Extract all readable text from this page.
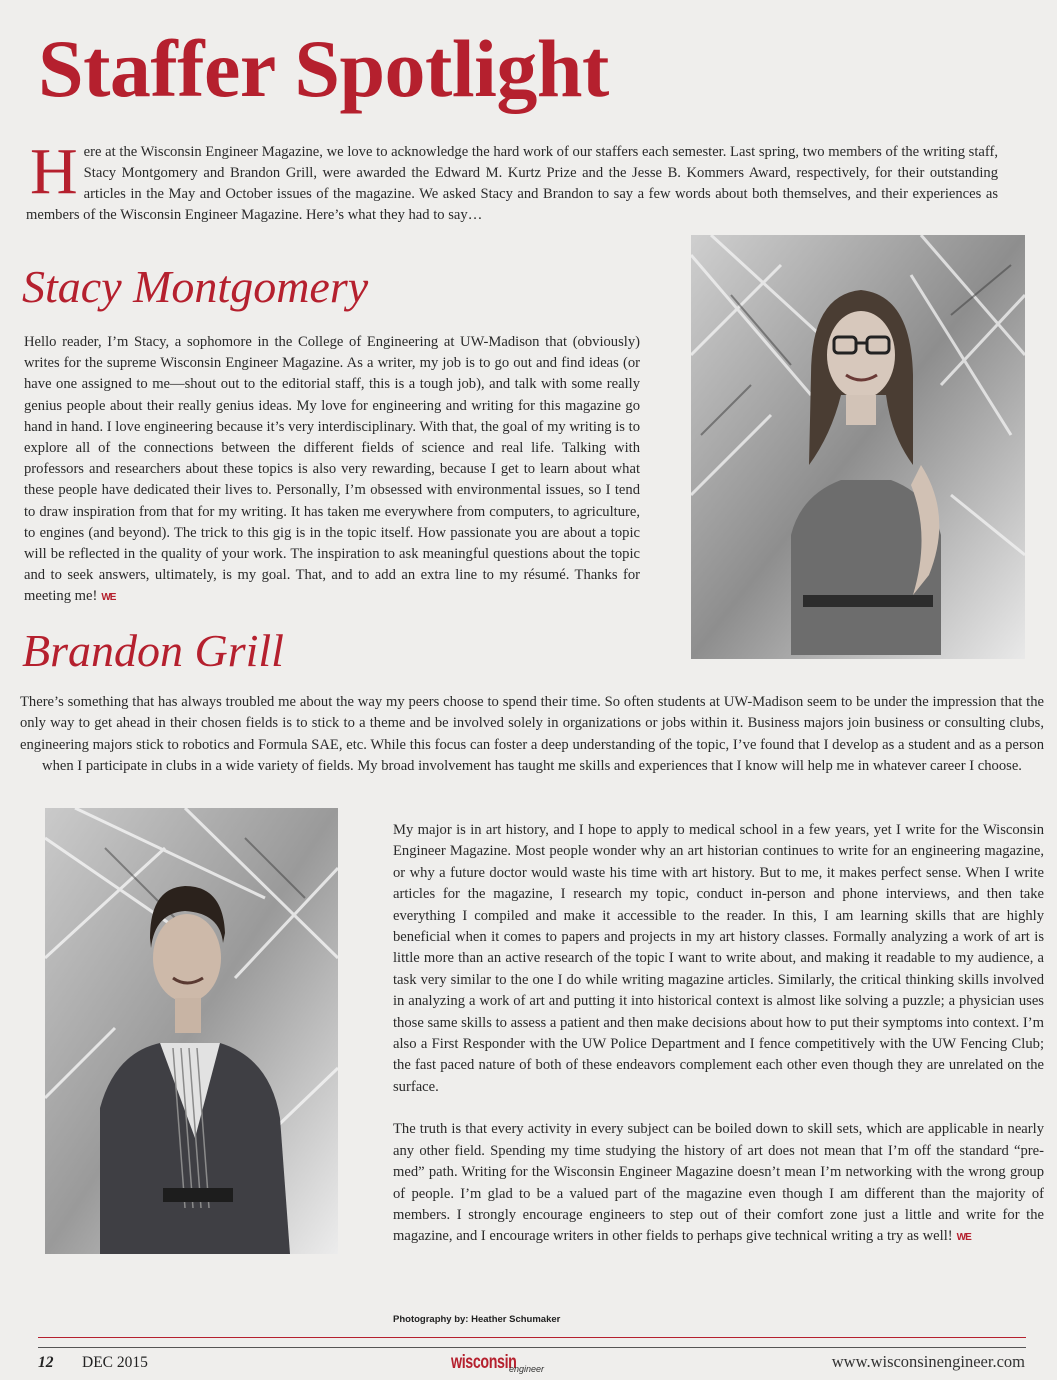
Staffer Spotlight
Here at the Wisconsin Engineer Magazine, we love to acknowledge the hard work of our staffers each semester. Last spring, two members of the writing staff, Stacy Montgomery and Brandon Grill, were awarded the Edward M. Kurtz Prize and the Jesse B. Kommers Award, respectively, for their outstanding articles in the May and October issues of the magazine. We asked Stacy and Brandon to say a few words about both themselves, and their experiences as members of the Wisconsin Engineer Magazine. Here’s what they had to say…
Stacy Montgomery
Hello reader, I’m Stacy, a sophomore in the College of Engineering at UW-Madison that (obviously) writes for the supreme Wisconsin Engineer Magazine. As a writer, my job is to go out and find ideas (or have one assigned to me—shout out to the editorial staff, this is a tough job), and talk with some really genius people about their really genius ideas. My love for engineering and writing for this magazine go hand in hand. I love engineering because it’s very interdisciplinary. With that, the goal of my writing is to explore all of the connections between the different fields of science and real life. Talking with professors and researchers about these topics is also very rewarding, because I get to learn about what these people have dedicated their lives to. Personally, I’m obsessed with environmental issues, so I tend to draw inspiration from that for my writing. It has taken me everywhere from computers, to agriculture, to engines (and beyond). The trick to this gig is in the topic itself. How passionate you are about a topic will be reflected in the quality of your work. The inspiration to ask meaningful questions about the topic and to seek answers, ultimately, is my goal. That, and to add an extra line to my résumé. Thanks for meeting me! WE
Brandon Grill
There’s something that has always troubled me about the way my peers choose to spend their time. So often students at UW-Madison seem to be under the impression that the only way to get ahead in their chosen fields is to stick to a theme and be involved solely in organizations or jobs within it. Business majors join business or consulting clubs, engineering majors stick to robotics and Formula SAE, etc. While this focus can foster a deep understanding of the topic, I’ve found that I develop as a student and as a person when I participate in clubs in a wide variety of fields. My broad involvement has taught me skills and experiences that I know will help me in whatever career I choose.

My major is in art history, and I hope to apply to medical school in a few years, yet I write for the Wisconsin Engineer Magazine. Most people wonder why an art historian continues to write for an engineering magazine, or why a future doctor would waste his time with art history. But to me, it makes perfect sense. When I write articles for the magazine, I research my topic, conduct in-person and phone interviews, and then take everything I compiled and make it accessible to the reader. In this, I am learning skills that are highly beneficial when it comes to papers and projects in my art history classes. Formally analyzing a work of art is little more than an active research of the topic I want to write about, and making it readable to my audience, a task very similar to the one I do while writing magazine articles. Similarly, the critical thinking skills involved in analyzing a work of art and putting it into historical context is almost like solving a puzzle; a physician uses those same skills to assess a patient and then make decisions about how to put their symptoms into context. I’m also a First Responder with the UW Police Department and I fence competitively with the UW Fencing Club; the fast paced nature of both of these endeavors complement each other even though they are unrelated on the surface.

The truth is that every activity in every subject can be boiled down to skill sets, which are applicable in nearly any other field. Spending my time studying the history of art does not mean that I’m off the standard “pre-med” path. Writing for the Wisconsin Engineer Magazine doesn’t mean I’m networking with the wrong group of people. I’m glad to be a valued part of the magazine even though I am different than the majority of members. I strongly encourage engineers to step out of their comfort zone just a little and write for the magazine, and I encourage writers in other fields to perhaps give technical writing a try as well! WE

Photography by: Heather Schumaker
12 DEC 2015	wisconsin
engineer	www.wisconsinengineer.com
